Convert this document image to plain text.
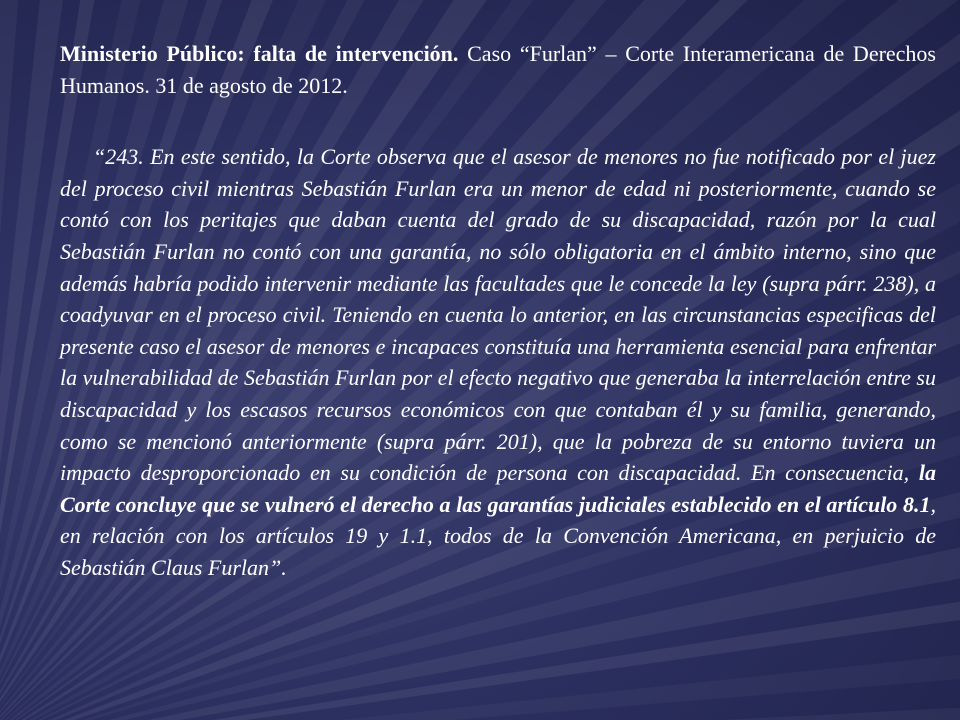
Ministerio Público: falta de intervención. Caso “Furlan” – Corte Interamericana de Derechos Humanos. 31 de agosto de 2012.

“243. En este sentido, la Corte observa que el asesor de menores no fue notificado por el juez del proceso civil mientras Sebastián Furlan era un menor de edad ni posteriormente, cuando se contó con los peritajes que daban cuenta del grado de su discapacidad, razón por la cual Sebastián Furlan no contó con una garantía, no sólo obligatoria en el ámbito interno, sino que además habría podido intervenir mediante las facultades que le concede la ley (supra párr. 238), a coadyuvar en el proceso civil. Teniendo en cuenta lo anterior, en las circunstancias especificas del presente caso el asesor de menores e incapaces constituía una herramienta esencial para enfrentar la vulnerabilidad de Sebastián Furlan por el efecto negativo que generaba la interrelación entre su discapacidad y los escasos recursos económicos con que contaban él y su familia, generando, como se mencionó anteriormente (supra párr. 201), que la pobreza de su entorno tuviera un impacto desproporcionado en su condición de persona con discapacidad. En consecuencia, la Corte concluye que se vulneró el derecho a las garantías judiciales establecido en el artículo 8.1, en relación con los artículos 19 y 1.1, todos de la Convención Americana, en perjuicio de Sebastián Claus Furlan”.
